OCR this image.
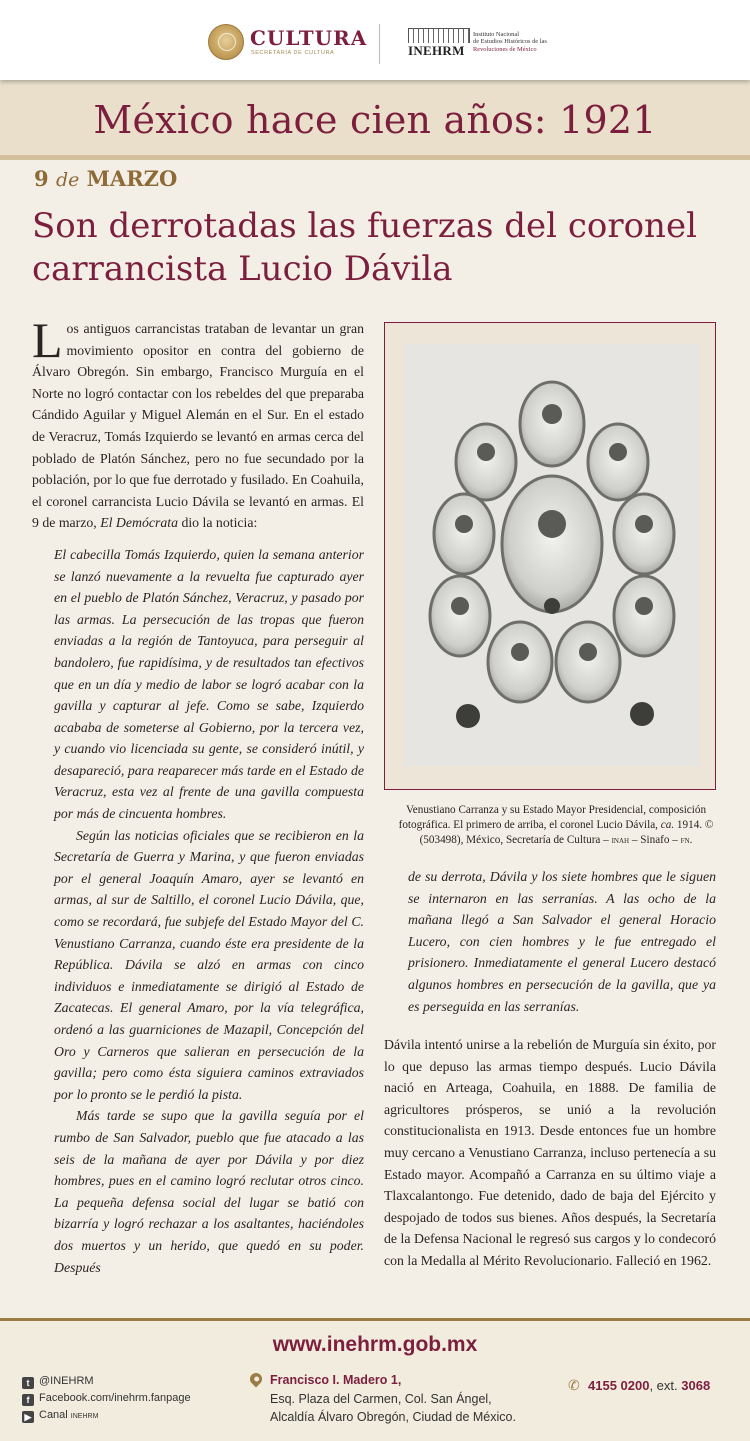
CULTURA
SECRETARÍA DE CULTURA	INEHRM
Instituto Nacional
de Estudios Históricos de las
Revoluciones de México
México hace cien años: 1921
9 de MARZO
Son derrotadas las fuerzas del coronel carrancista Lucio Dávila

Los antiguos carrancistas trataban de levantar un gran movimiento opositor en contra del gobierno de Álvaro Obregón. Sin embargo, Francisco Murguía en el Norte no logró contactar con los rebeldes del que preparaba Cándido Aguilar y Miguel Alemán en el Sur. En el estado de Veracruz, Tomás Izquierdo se levantó en armas cerca del poblado de Platón Sánchez, pero no fue secundado por la población, por lo que fue derrotado y fusilado. En Coahuila, el coronel carrancista Lucio Dávila se levantó en armas. El 9 de marzo, El Demócrata dio la noticia:

El cabecilla Tomás Izquierdo, quien la semana anterior se lanzó nuevamente a la revuelta fue capturado ayer en el pueblo de Platón Sánchez, Veracruz, y pasado por las armas. La persecución de las tropas que fueron enviadas a la región de Tantoyuca, para perseguir al bandolero, fue rapidísima, y de resultados tan efectivos que en un día y medio de labor se logró acabar con la gavilla y capturar al jefe. Como se sabe, Izquierdo acababa de someterse al Gobierno, por la tercera vez, y cuando vio licenciada su gente, se consideró inútil, y desapareció, para reaparecer más tarde en el Estado de Veracruz, esta vez al frente de una gavilla compuesta por más de cincuenta hombres.

Según las noticias oficiales que se recibieron en la Secretaría de Guerra y Marina, y que fueron enviadas por el general Joaquín Amaro, ayer se levantó en armas, al sur de Saltillo, el coronel Lucio Dávila, que, como se recordará, fue subjefe del Estado Mayor del C. Venustiano Carranza, cuando éste era presidente de la República. Dávila se alzó en armas con cinco individuos e inmediatamente se dirigió al Estado de Zacatecas. El general Amaro, por la vía telegráfica, ordenó a las guarniciones de Mazapil, Concepción del Oro y Carneros que salieran en persecución de la gavilla; pero como ésta siguiera caminos extraviados por lo pronto se le perdió la pista.

Más tarde se supo que la gavilla seguía por el rumbo de San Salvador, pueblo que fue atacado a las seis de la mañana de ayer por Dávila y por diez hombres, pues en el camino logró reclutar otros cinco. La pequeña defensa social del lugar se batió con bizarría y logró rechazar a los asaltantes, haciéndoles dos muertos y un herido, que quedó en su poder. Después

Venustiano Carranza y su Estado Mayor Presidencial, composición fotográfica. El primero de arriba, el coronel Lucio Dávila, ca. 1914. © (503498), México, Secretaría de Cultura – inah – Sinafo – fn.

de su derrota, Dávila y los siete hombres que le siguen se internaron en las serranías. A las ocho de la mañana llegó a San Salvador el general Horacio Lucero, con cien hombres y le fue entregado el prisionero. Inmediatamente el general Lucero destacó algunos hombres en persecución de la gavilla, que ya es perseguida en las serranías.

Dávila intentó unirse a la rebelión de Murguía sin éxito, por lo que depuso las armas tiempo después. Lucio Dávila nació en Arteaga, Coahuila, en 1888. De familia de agricultores prósperos, se unió a la revolución constitucionalista en 1913. Desde entonces fue un hombre muy cercano a Venustiano Carranza, incluso pertenecía a su Estado mayor. Acompañó a Carranza en su último viaje a Tlaxcalantongo. Fue detenido, dado de baja del Ejército y despojado de todos sus bienes. Años después, la Secretaría de la Defensa Nacional le regresó sus cargos y lo condecoró con la Medalla al Mérito Revolucionario. Falleció en 1962.

www.inehrm.gob.mx
t @INEHRM
f Facebook.com/inehrm.fanpage
▶ Canal inehrm
Francisco I. Madero 1,
Esq. Plaza del Carmen, Col. San Ángel,
Alcaldía Álvaro Obregón, Ciudad de México.
✆ 4155 0200, ext. 3068
